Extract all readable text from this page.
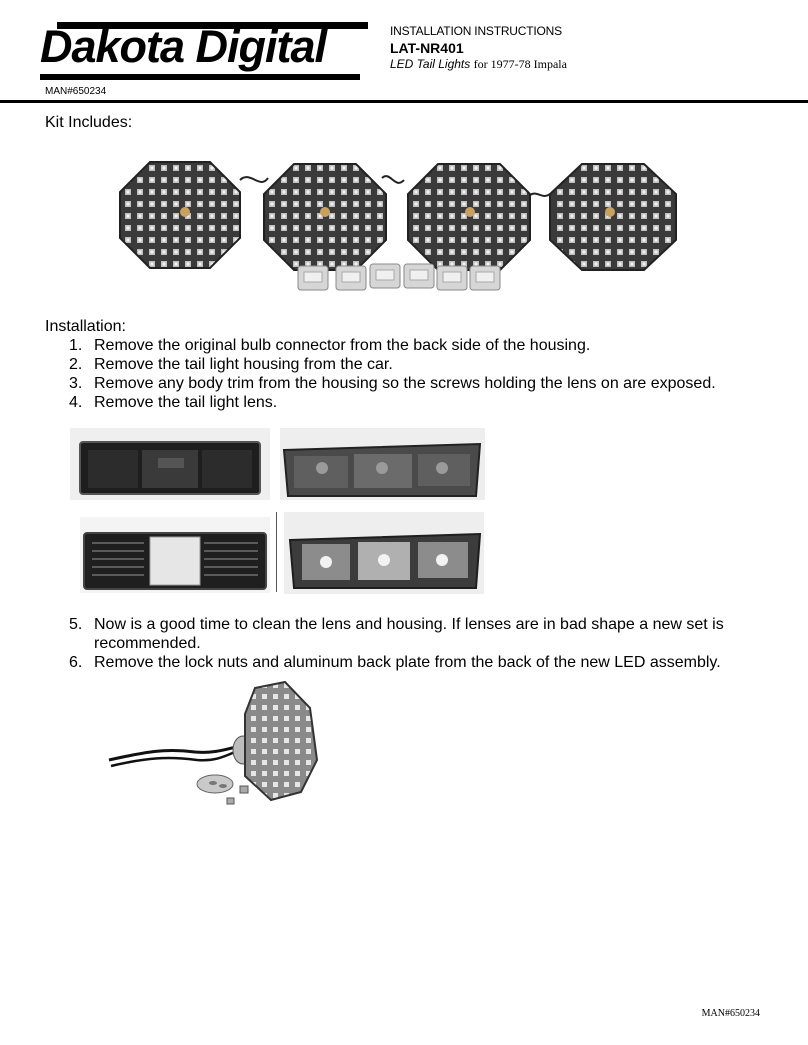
Dakota Digital
MAN#650234
INSTALLATION INSTRUCTIONS
LAT-NR401
LED Tail Lights for 1977-78 Impala
Kit Includes:
Installation:
1. Remove the original bulb connector from the back side of the housing.
2. Remove the tail light housing from the car.
3. Remove any body trim from the housing so the screws holding the lens on are exposed.
4. Remove the tail light lens.
5. Now is a good time to clean the lens and housing. If lenses are in bad shape a new set is recommended.
6. Remove the lock nuts and aluminum back plate from the back of the new LED assembly.
MAN#650234
